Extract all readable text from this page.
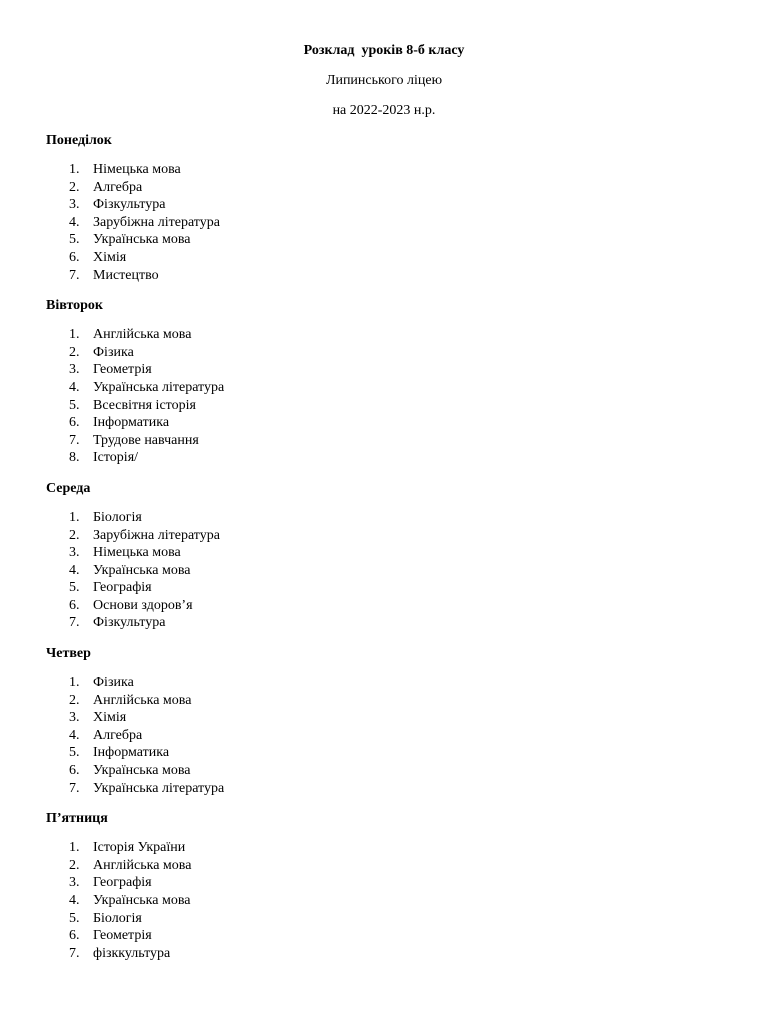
Розклад  уроків 8-б класу
Липинського ліцею
на 2022-2023 н.р.
Понеділок
1. Німецька мова
2. Алгебра
3. Фізкультура
4. Зарубіжна література
5. Українська мова
6. Хімія
7. Мистецтво
Вівторок
1. Англійська мова
2. Фізика
3. Геометрія
4. Українська література
5. Всесвітня історія
6. Інформатика
7. Трудове навчання
8. Історія/
Середа
1. Біологія
2. Зарубіжна література
3. Німецька мова
4. Українська мова
5. Географія
6. Основи здоров’я
7. Фізкультура
Четвер
1. Фізика
2. Англійська мова
3. Хімія
4. Алгебра
5. Інформатика
6. Українська мова
7. Українська література
П’ятниця
1. Історія України
2. Англійська мова
3. Географія
4. Українська мова
5. Біологія
6. Геометрія
7. фізккультура
